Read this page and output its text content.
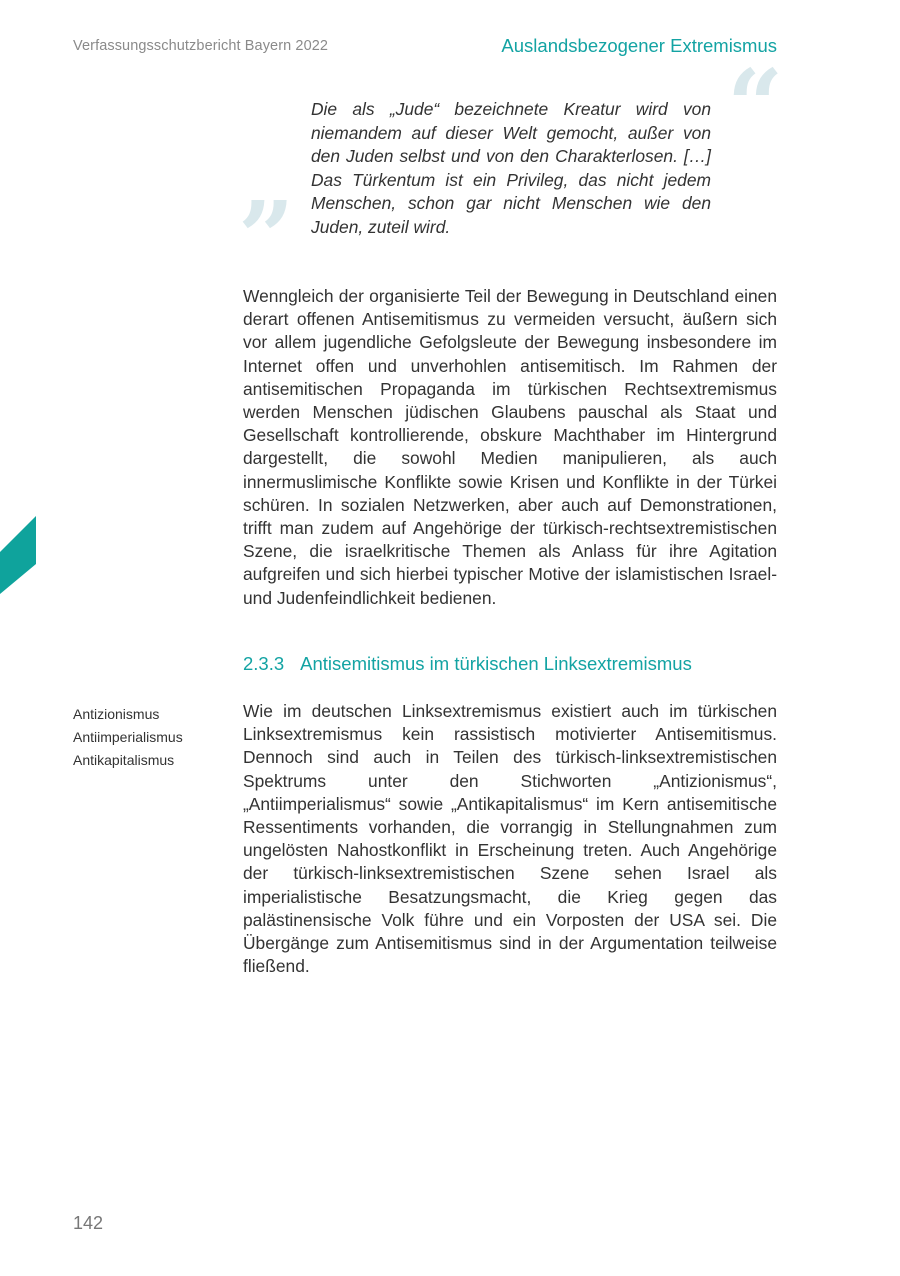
Verfassungsschutzbericht Bayern 2022	Auslandsbezogener Extremismus
“
Die als „Jude“ bezeichnete Kreatur wird von niemandem auf dieser Welt gemocht, außer von den Juden selbst und von den Charakterlosen. […] Das Türkentum ist ein Privileg, das nicht jedem Menschen, schon gar nicht Menschen wie den Juden, zuteil wird.
”
Wenngleich der organisierte Teil der Bewegung in Deutschland einen derart offenen Antisemitismus zu vermeiden versucht, äußern sich vor allem jugendliche Gefolgsleute der Bewegung insbesondere im Internet offen und unverhohlen antisemitisch. Im Rahmen der antisemitischen Propaganda im türkischen Rechtsextremismus werden Menschen jüdischen Glaubens pauschal als Staat und Gesellschaft kontrollierende, obskure Machthaber im Hintergrund dargestellt, die sowohl Medien manipulieren, als auch innermuslimische Konflikte sowie Krisen und Konflikte in der Türkei schüren. In sozialen Netzwerken, aber auch auf Demonstrationen, trifft man zudem auf Angehörige der türkisch-rechtsextremistischen Szene, die israelkritische Themen als Anlass für ihre Agitation aufgreifen und sich hierbei typischer Motive der islamistischen Israel- und Judenfeindlichkeit bedienen.
2.3.3 Antisemitismus im türkischen Linksextremismus
Antizionismus
Antiimperialismus
Antikapitalismus
Wie im deutschen Linksextremismus existiert auch im türkischen Linksextremismus kein rassistisch motivierter Antisemitismus. Dennoch sind auch in Teilen des türkisch-linksextremistischen Spektrums unter den Stichworten „Antizionismus“, „Antiimperialismus“ sowie „Antikapitalismus“ im Kern antisemitische Ressentiments vorhanden, die vorrangig in Stellungnahmen zum ungelösten Nahostkonflikt in Erscheinung treten. Auch Angehörige der türkisch-linksextremistischen Szene sehen Israel als imperialistische Besatzungsmacht, die Krieg gegen das palästinensische Volk führe und ein Vorposten der USA sei. Die Übergänge zum Antisemitismus sind in der Argumentation teilweise fließend.
142
